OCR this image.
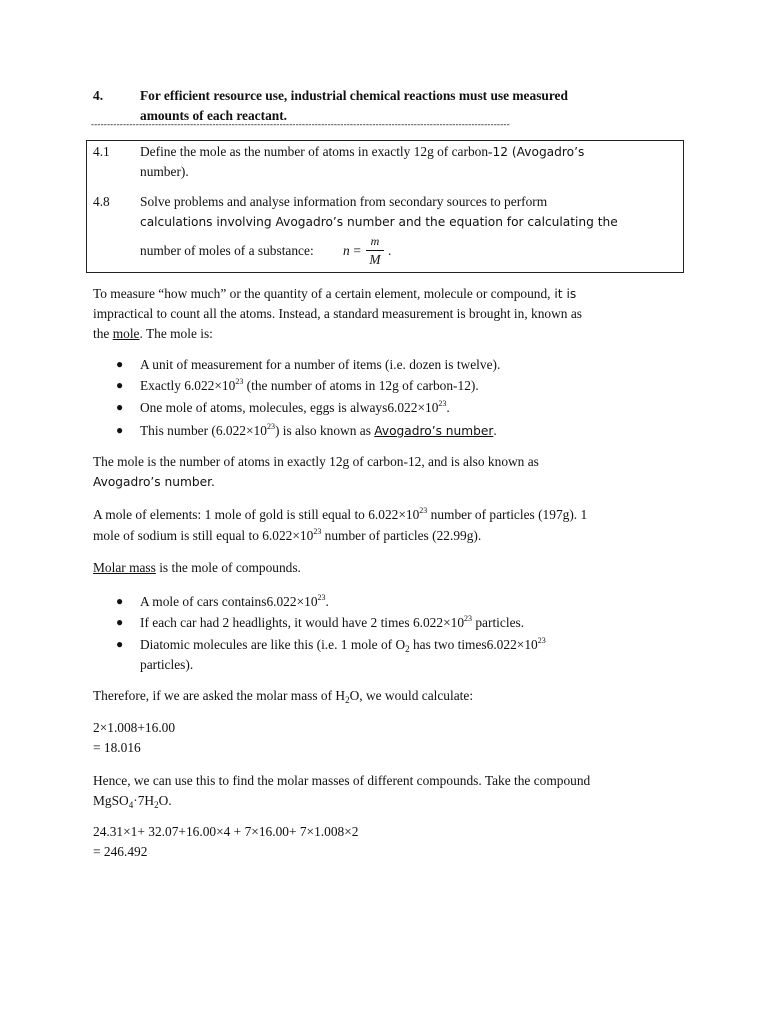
4.	For efficient resource use, industrial chemical reactions must use measured
amounts of each reactant.
-----------------------------------------------------------------------------------------------------------------------------------
4.1 Define the mole as the number of atoms in exactly 12g of carbon-12 (Avogadro’s
number).
4.8 Solve problems and analyse information from secondary sources to perform
calculations involving Avogadro’s number and the equation for calculating the
number of moles of a substance: n =
m
M
.
To measure “how much” or the quantity of a certain element, molecule or compound, it is
impractical to count all the atoms. Instead, a standard measurement is brought in, known as
the mole. The mole is:
● A unit of measurement for a number of items (i.e. dozen is twelve).
● Exactly $6.022\times 10^{23}$ (the number of atoms in 12g of carbon-12).
● One mole of atoms, molecules, eggs is $always6.022\times 10^{23}$.
● This number $(6.022\times 10^{23})$ is also known as Avogadro’s number.
The mole is the number of atoms in exactly 12g of carbon-12, and is also known as
Avogadro’s number.
A mole of elements: 1 mole of gold is still equal to $6.022\times 10^{23}$ number of particles (197g). 1
mole of sodium is still equal to $6.022\times 10^{23}$ number of particles (22.99g).
Molar mass is the mole of compounds.
● A mole of cars $contains6.022\times 10^{23}$.
● If each car had 2 headlights, it would have 2 times $6.022\times 10^{23}$ particles.
● Diatomic molecules are like this (i.e. 1 mole of $O_2$ has two $times6.022\times 10^{23}$
particles).
Therefore, if we are asked the molar mass of $H_2O$, we would calculate:
2×1.008+16.00
= 18.016
Hence, we can use this to find the molar masses of different compounds. Take the compound
$MgSO_4\cdot 7H_2O$.
24.31×1+ 32.07+16.00×4 + 7×16.00+ 7×1.008×2
= 246.492
